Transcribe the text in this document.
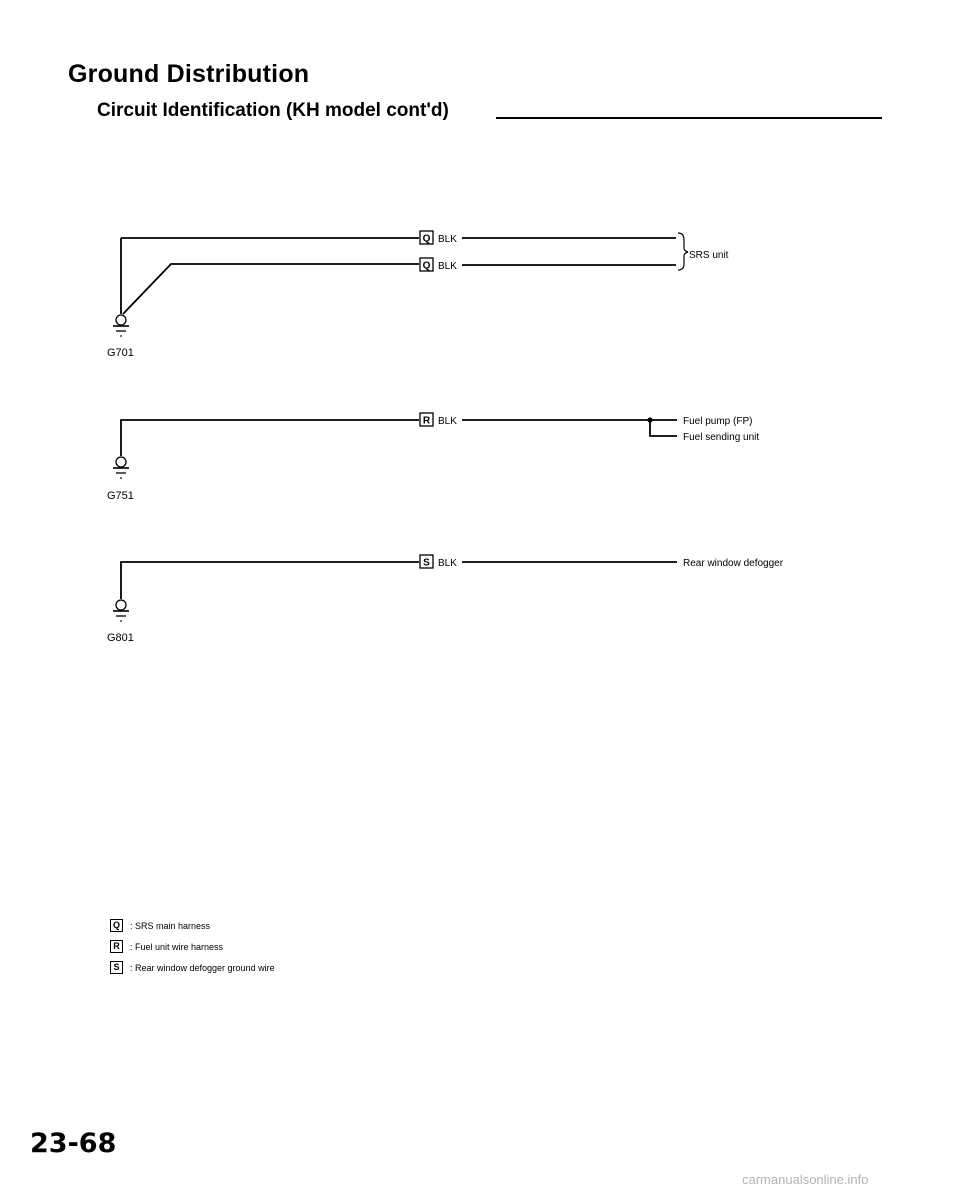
Ground Distribution
Circuit Identification (KH model cont'd)
G701
Q BLK
Q BLK
SRS unit
G751
R BLK	Fuel pump (FP)
Fuel sending unit
G801
S BLK	Rear window defogger
Q	: SRS main harness
R	: Fuel unit wire harness
S	: Rear window defogger ground wire
23-68
carmanualsonline.info
